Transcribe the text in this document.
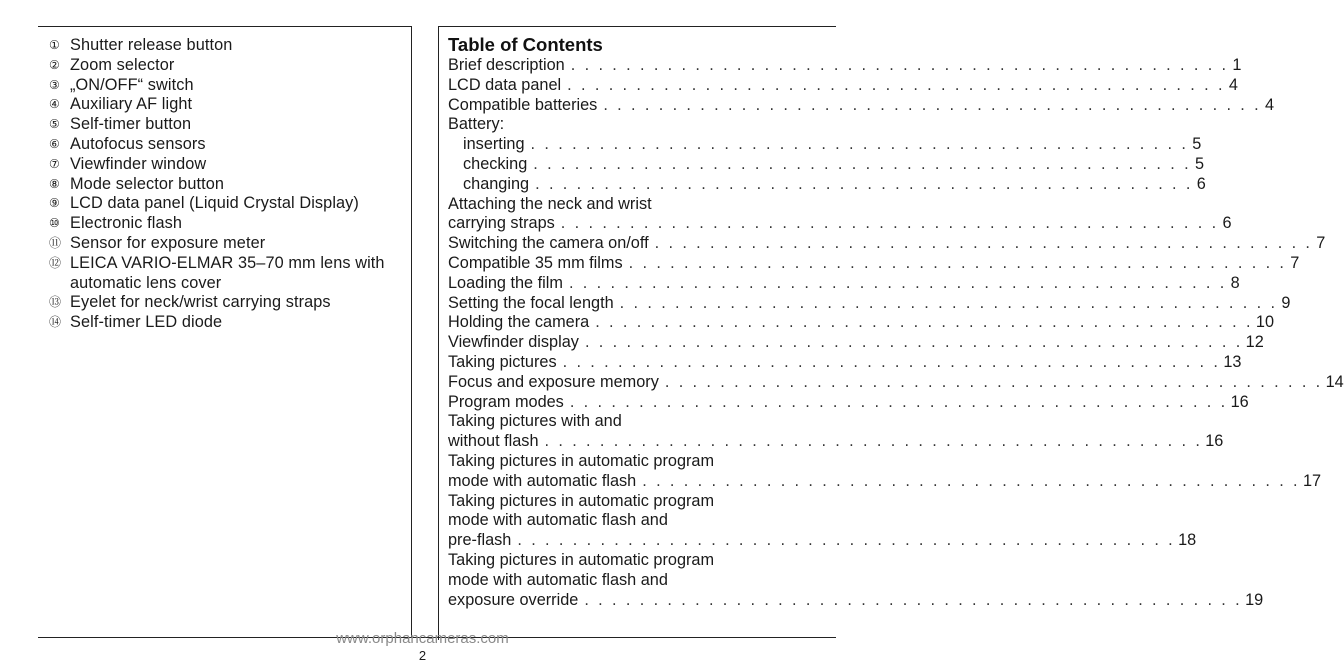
① Shutter release button
② Zoom selector
③ „ON/OFF“ switch
④ Auxiliary AF light
⑤ Self-timer button
⑥ Autofocus sensors
⑦ Viewfinder window
⑧ Mode selector button
⑨ LCD data panel (Liquid Crystal Display)
⑩ Electronic flash
⑪ Sensor for exposure meter
⑫ LEICA VARIO-ELMAR 35–70 mm lens with automatic lens cover
⑬ Eyelet for neck/wrist carrying straps
⑭ Self-timer LED diode
Table of Contents
Brief description . . . . . . . . . . . . . . . . . . . . . . . . . . . . . . . . . . . . . . . . . . . . . . . . 1
LCD data panel . . . . . . . . . . . . . . . . . . . . . . . . . . . . . . . . . . . . . . . . . . . . . . . . 4
Compatible batteries . . . . . . . . . . . . . . . . . . . . . . . . . . . . . . . . . . . . . . . . . . . . . . . . 4
Battery:
inserting . . . . . . . . . . . . . . . . . . . . . . . . . . . . . . . . . . . . . . . . . . . . . . . . 5
checking . . . . . . . . . . . . . . . . . . . . . . . . . . . . . . . . . . . . . . . . . . . . . . . . 5
changing . . . . . . . . . . . . . . . . . . . . . . . . . . . . . . . . . . . . . . . . . . . . . . . . 6
Attaching the neck and wrist
carrying straps . . . . . . . . . . . . . . . . . . . . . . . . . . . . . . . . . . . . . . . . . . . . . . . . 6
Switching the camera on/off . . . . . . . . . . . . . . . . . . . . . . . . . . . . . . . . . . . . . . . . . . . . . . . . 7
Compatible 35 mm films . . . . . . . . . . . . . . . . . . . . . . . . . . . . . . . . . . . . . . . . . . . . . . . . 7
Loading the film . . . . . . . . . . . . . . . . . . . . . . . . . . . . . . . . . . . . . . . . . . . . . . . . 8
Setting the focal length . . . . . . . . . . . . . . . . . . . . . . . . . . . . . . . . . . . . . . . . . . . . . . . . 9
Holding the camera . . . . . . . . . . . . . . . . . . . . . . . . . . . . . . . . . . . . . . . . . . . . . . . . 10
Viewfinder display . . . . . . . . . . . . . . . . . . . . . . . . . . . . . . . . . . . . . . . . . . . . . . . . 12
Taking pictures . . . . . . . . . . . . . . . . . . . . . . . . . . . . . . . . . . . . . . . . . . . . . . . . 13
Focus and exposure memory . . . . . . . . . . . . . . . . . . . . . . . . . . . . . . . . . . . . . . . . . . . . . . . . 14
Program modes . . . . . . . . . . . . . . . . . . . . . . . . . . . . . . . . . . . . . . . . . . . . . . . . 16
Taking pictures with and
without flash . . . . . . . . . . . . . . . . . . . . . . . . . . . . . . . . . . . . . . . . . . . . . . . . 16
Taking pictures in automatic program
mode with automatic flash . . . . . . . . . . . . . . . . . . . . . . . . . . . . . . . . . . . . . . . . . . . . . . . . 17
Taking pictures in automatic program
mode with automatic flash and
pre-flash . . . . . . . . . . . . . . . . . . . . . . . . . . . . . . . . . . . . . . . . . . . . . . . . 18
Taking pictures in automatic program
mode with automatic flash and
exposure override . . . . . . . . . . . . . . . . . . . . . . . . . . . . . . . . . . . . . . . . . . . . . . . . 19
www.orphancameras.com
2
